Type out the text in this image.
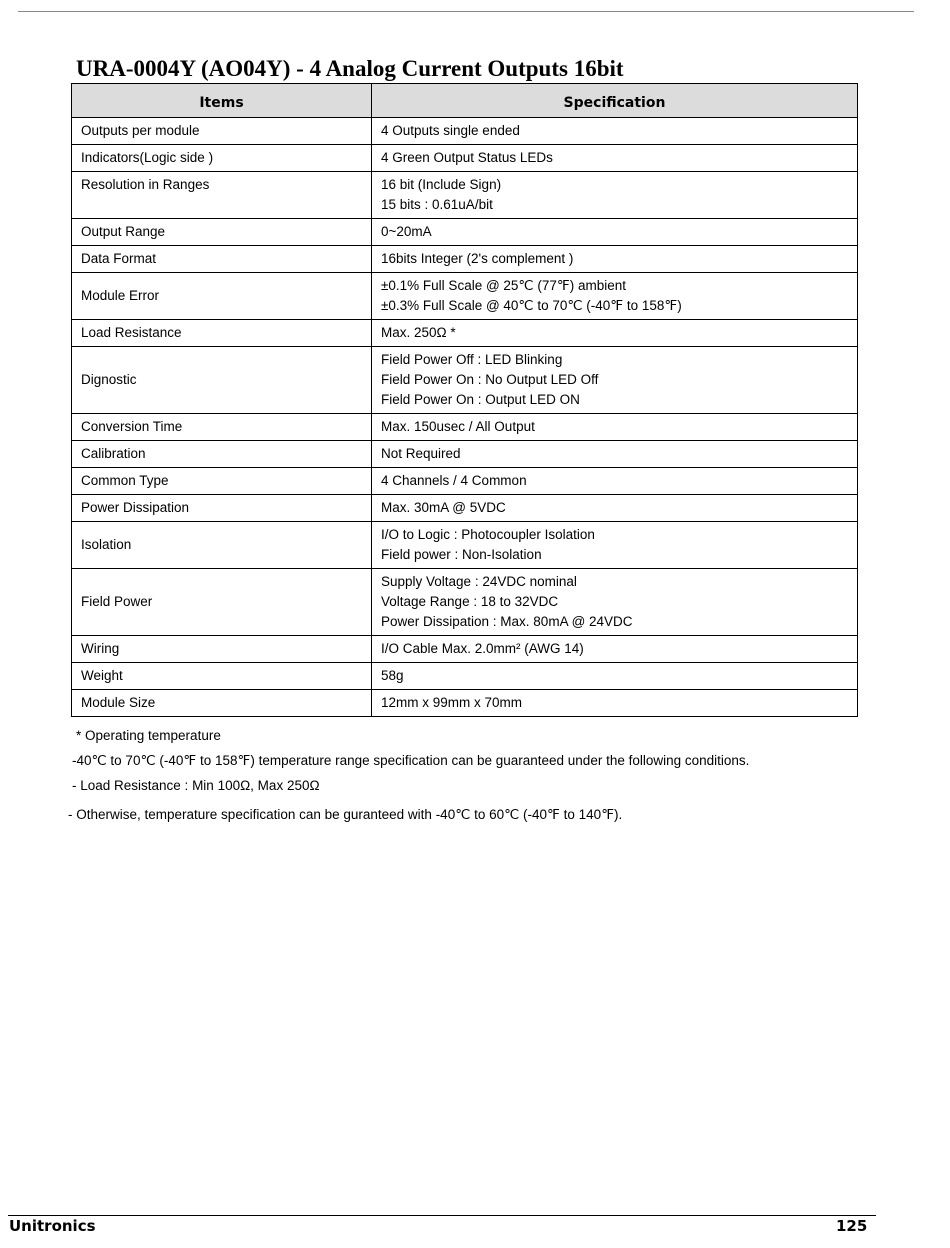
URA-0004Y (AO04Y) - 4 Analog Current Outputs 16bit
Items	Specification
Outputs per module	4 Outputs single ended

Indicators(Logic side )	4 Green Output Status LEDs

Resolution in Ranges	16 bit (Include Sign)
15 bits : 0.61uA/bit

Output Range	0~20mA

Data Format	16bits Integer (2's complement )

Module Error	±0.1% Full Scale @ 25℃ (77℉) ambient
±0.3% Full Scale @ 40℃ to 70℃ (-40℉ to 158℉)

Load Resistance	Max. 250Ω *

Dignostic	Field Power Off : LED Blinking
Field Power On : No Output LED Off
Field Power On : Output LED ON

Conversion Time	Max. 150usec / All Output

Calibration	Not Required

Common Type	4 Channels / 4 Common

Power Dissipation	Max. 30mA @ 5VDC

Isolation	I/O to Logic : Photocoupler Isolation
Field power : Non-Isolation

Field Power	Supply Voltage : 24VDC nominal
Voltage Range : 18 to 32VDC
Power Dissipation : Max. 80mA @ 24VDC

Wiring	I/O Cable Max. 2.0mm² (AWG 14)

Weight	58g

Module Size	12mm x 99mm x 70mm
* Operating temperature
-40℃ to 70℃ (-40℉ to 158℉) temperature range specification can be guaranteed under the following conditions.
- Load Resistance : Min 100Ω, Max 250Ω
- Otherwise, temperature specification can be guranteed with -40℃ to 60℃ (-40℉ to 140℉).
Unitronics	125
